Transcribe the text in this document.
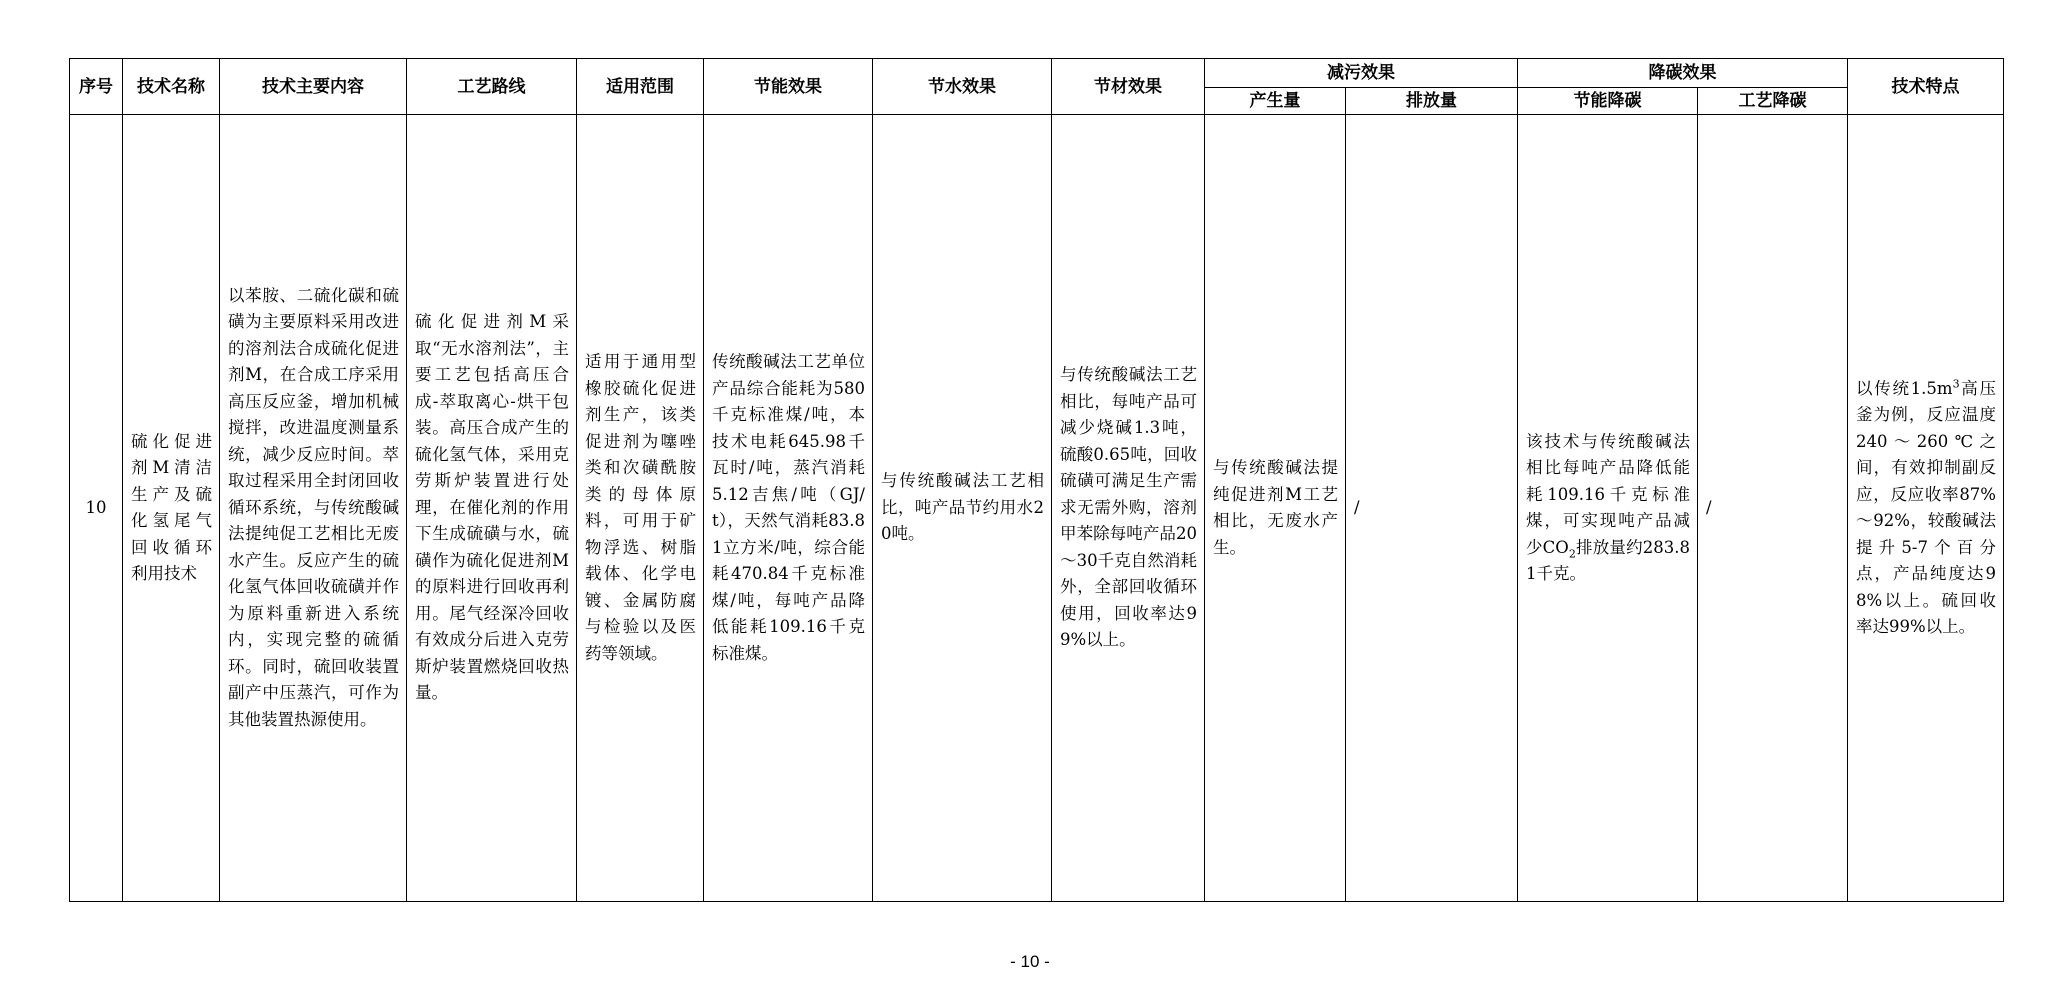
序号	技术名称	技术主要内容	工艺路线	适用范围	节能效果	节水效果	节材效果	减污效果		降碳效果		技术特点
								产生量	排放量	节能降碳	工艺降碳	

10	硫化促进剂M清洁生产及硫化氢尾气回收循环利用技术	以苯胺、二硫化碳和硫磺为主要原料采用改进的溶剂法合成硫化促进剂M，在合成工序采用高压反应釜，增加机械搅拌，改进温度测量系统，减少反应时间。萃取过程采用全封闭回收循环系统，与传统酸碱法提纯促工艺相比无废水产生。反应产生的硫化氢气体回收硫磺并作为原料重新进入系统内，实现完整的硫循环。同时，硫回收装置副产中压蒸汽，可作为其他装置热源使用。	硫化促进剂M采取“无水溶剂法”，主要工艺包括高压合成-萃取离心-烘干包装。高压合成产生的硫化氢气体，采用克劳斯炉装置进行处理，在催化剂的作用下生成硫磺与水，硫磺作为硫化促进剂M的原料进行回收再利用。尾气经深冷回收有效成分后进入克劳斯炉装置燃烧回收热量。	适用于通用型橡胶硫化促进剂生产，该类促进剂为噻唑类和次磺酰胺类的母体原料，可用于矿物浮选、树脂载体、化学电镀、金属防腐与检验以及医药等领域。	传统酸碱法工艺单位产品综合能耗为580千克标准煤/吨，本技术电耗645.98千瓦时/吨，蒸汽消耗5.12吉焦/吨（GJ/t），天然气消耗83.81立方米/吨，综合能耗470.84千克标准煤/吨，每吨产品降低能耗109.16千克标准煤。	与传统酸碱法工艺相比，吨产品节约用水20吨。	与传统酸碱法工艺相比，每吨产品可减少烧碱1.3吨，硫酸0.65吨，回收硫磺可满足生产需求无需外购，溶剂甲苯除每吨产品20～30千克自然消耗外，全部回收循环使用，回收率达99%以上。	与传统酸碱法提纯促进剂M工艺相比，无废水产生。	/	该技术与传统酸碱法相比每吨产品降低能耗109.16千克标准煤，可实现吨产品减少$CO_2$排放量约283.81千克。	/	以传统$1.5m^3$高压釜为例，反应温度240～260℃之间，有效抑制副反应，反应收率87%～92%，较酸碱法提升5-7个百分点，产品纯度达98%以上。硫回收率达99%以上。
- 10 -
